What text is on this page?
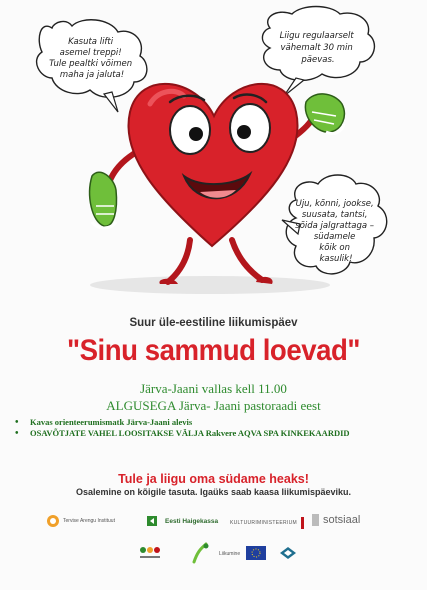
Kasuta lifti asemel treppi! Tule pealtki võimen maha ja jaluta!
Liigu regulaarselt vähemalt 30 min päevas.
Uju, kõnni, jookse, suusata, tantsi, sõida jalgrattaga – südamele kõik on kasulik!
Suur üle-eestiline liikumispäev
"Sinu sammud loevad"
Järva-Jaani vallas kell 11.00
ALGUSEGA Järva- Jaani pastoraadi eest
• Kavas orienteerumismatk Järva-Jaani alevis
• OSAVÕTJATE VAHEL LOOSITAKSE VÄLJA Rakvere AQVA SPA KINKEKAARDID
Tule ja liigu oma südame heaks!
Osalemine on kõigile tasuta. Igaüks saab kaasa liikumispäeviku.
Tervise Arengu Instituut	Eesti Haigekassa KULTUURIMINISTEERIUM sotsiaal
Liikumine
